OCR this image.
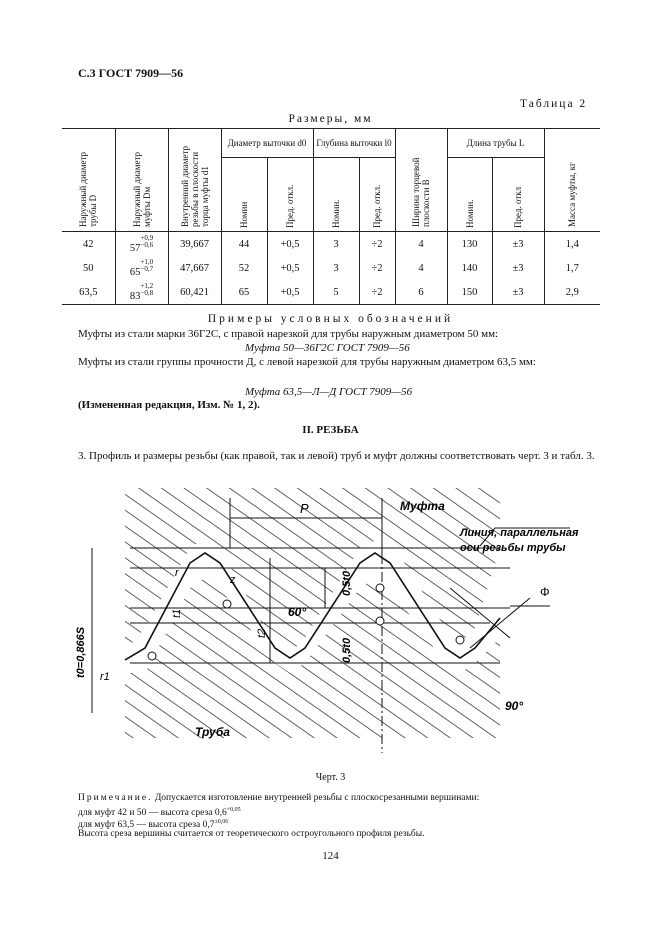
С.3 ГОСТ 7909—56
Таблица 2
Размеры, мм
Наружный диаметр трубы D	Наружный диаметр муфты Dм	Внутренний диаметр резьбы в плоскости торца муфты d1	Диаметр выточки d0		Глубина выточки l0		Ширина торцевой плоскости B	Длина трубы L		Масса муфты, кг
			Номин	Пред. откл.	Номин.	Пред. откл.		Номин.	Пред. откл	
42	$57^{+0,9 -0,6}$	39,667	44	+0,5	3	÷2	4	130	±3	1,4
50	$65^{+1,0 -0,7}$	47,667	52	+0,5	3	÷2	4	140	±3	1,7
63,5	$83^{+1,2 -0,8}$	60,421	65	+0,5	5	÷2	6	150	±3	2,9
Примеры условных обозначений
Муфты из стали марки 36Г2С, с правой нарезкой для трубы наружным диаметром 50 мм:
Муфта 50—36Г2С ГОСТ 7909—56
Муфты из стали группы прочности Д, с левой нарезкой для трубы наружным диаметром 63,5 мм:
Муфта 63,5—Л—Д ГОСТ 7909—56
(Измененная редакция, Изм. № 1, 2).
II. РЕЗЬБА
3. Профиль и размеры резьбы (как правой, так и левой) труб и муфт должны соответствовать черт. 3 и табл. 3.
P	Муфта
Линия, параллельная
оси резьбы трубы
60°
Φ
90°
Труба
t0=0,866S
t1
t2
z
r
r1
0,5t0
0,5t0
Черт. 3
Примечание. Допускается изготовление внутренней резьбы с плоскосрезанными вершинами:
для муфт 42 и 50 — высота среза $0,6^{+0,05}$
для муфт 63,5 — высота среза $0,7^{\pm 0,06}$
Высота среза вершины считается от теоретического остроугольного профиля резьбы.
124
